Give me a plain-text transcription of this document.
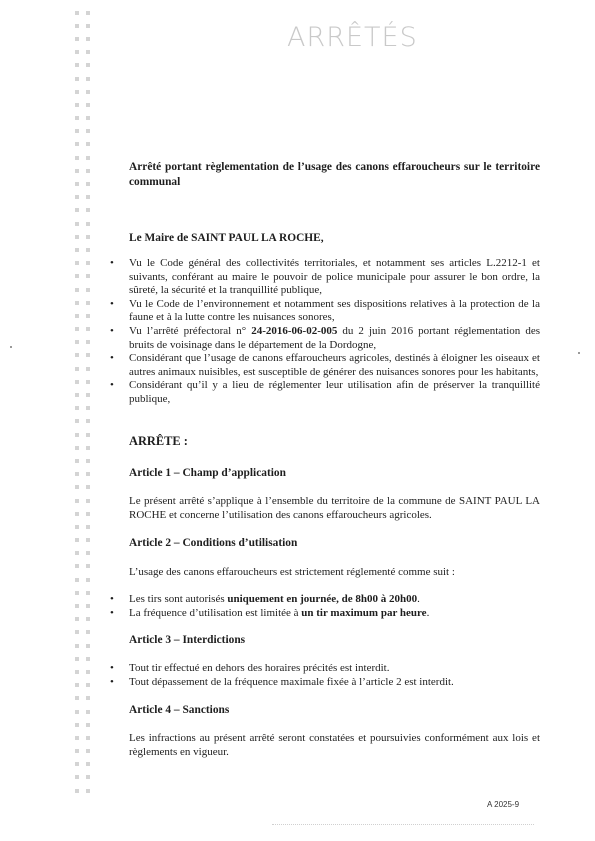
ARRÊTÉS
Arrêté portant règlementation de l’usage des canons effaroucheurs sur le territoire communal
Le Maire de SAINT PAUL LA ROCHE,
• Vu le Code général des collectivités territoriales, et notamment ses articles L.2212-1 et suivants, conférant au maire le pouvoir de police municipale pour assurer le bon ordre, la sûreté, la sécurité et la tranquillité publique,
• Vu le Code de l’environnement et notamment ses dispositions relatives à la protection de la faune et à la lutte contre les nuisances sonores,
• Vu l’arrêté préfectoral n° 24-2016-06-02-005 du 2 juin 2016 portant réglementation des bruits de voisinage dans le département de la Dordogne,
• Considérant que l’usage de canons effaroucheurs agricoles, destinés à éloigner les oiseaux et autres animaux nuisibles, est susceptible de générer des nuisances sonores pour les habitants,
• Considérant qu’il y a lieu de réglementer leur utilisation afin de préserver la tranquillité publique,
ARRÊTE :
Article 1 – Champ d’application
Le présent arrêté s’applique à l’ensemble du territoire de la commune de SAINT PAUL LA ROCHE et concerne l’utilisation des canons effaroucheurs agricoles.
Article 2 – Conditions d’utilisation
L’usage des canons effaroucheurs est strictement réglementé comme suit :
• Les tirs sont autorisés uniquement en journée, de 8h00 à 20h00.
• La fréquence d’utilisation est limitée à un tir maximum par heure.
Article 3 – Interdictions
• Tout tir effectué en dehors des horaires précités est interdit.
• Tout dépassement de la fréquence maximale fixée à l’article 2 est interdit.
Article 4 – Sanctions
Les infractions au présent arrêté seront constatées et poursuivies conformément aux lois et règlements en vigueur.
A 2025-9
